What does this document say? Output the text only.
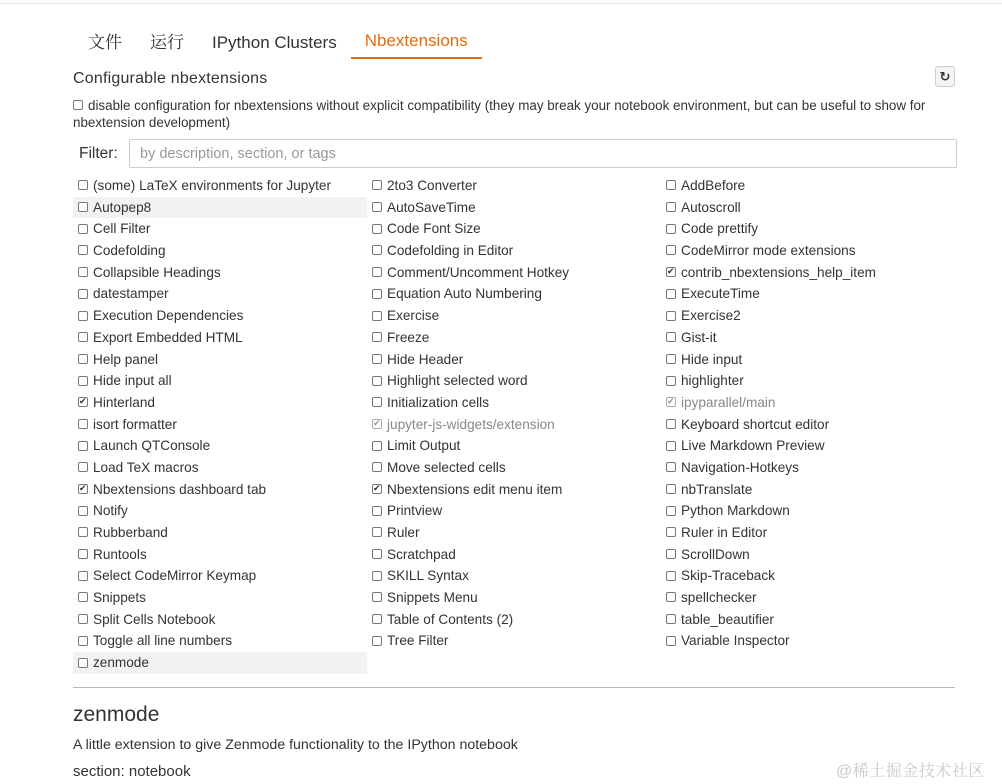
文件	运行	IPython Clusters	Nbextensions
Configurable nbextensions	↻
disable configuration for nbextensions without explicit compatibility (they may break your notebook environment, but can be useful to show for nbextension development)
Filter:
by description, section, or tags
(some) LaTeX environments for Jupyter
Autopep8
Cell Filter
Codefolding
Collapsible Headings
datestamper
Execution Dependencies
Export Embedded HTML
Help panel
Hide input all
✔Hinterland
isort formatter
Launch QTConsole
Load TeX macros
✔Nbextensions dashboard tab
Notify
Rubberband
Runtools
Select CodeMirror Keymap
Snippets
Split Cells Notebook
Toggle all line numbers
zenmode
2to3 Converter
AutoSaveTime
Code Font Size
Codefolding in Editor
Comment/Uncomment Hotkey
Equation Auto Numbering
Exercise
Freeze
Hide Header
Highlight selected word
Initialization cells
✔jupyter-js-widgets/extension
Limit Output
Move selected cells
✔Nbextensions edit menu item
Printview
Ruler
Scratchpad
SKILL Syntax
Snippets Menu
Table of Contents (2)
Tree Filter
AddBefore
Autoscroll
Code prettify
CodeMirror mode extensions
✔contrib_nbextensions_help_item
ExecuteTime
Exercise2
Gist-it
Hide input
highlighter
✔ipyparallel/main
Keyboard shortcut editor
Live Markdown Preview
Navigation-Hotkeys
nbTranslate
Python Markdown
Ruler in Editor
ScrollDown
Skip-Traceback
spellchecker
table_beautifier
Variable Inspector
zenmode
A little extension to give Zenmode functionality to the IPython notebook
section: notebook	@稀土掘金技术社区
